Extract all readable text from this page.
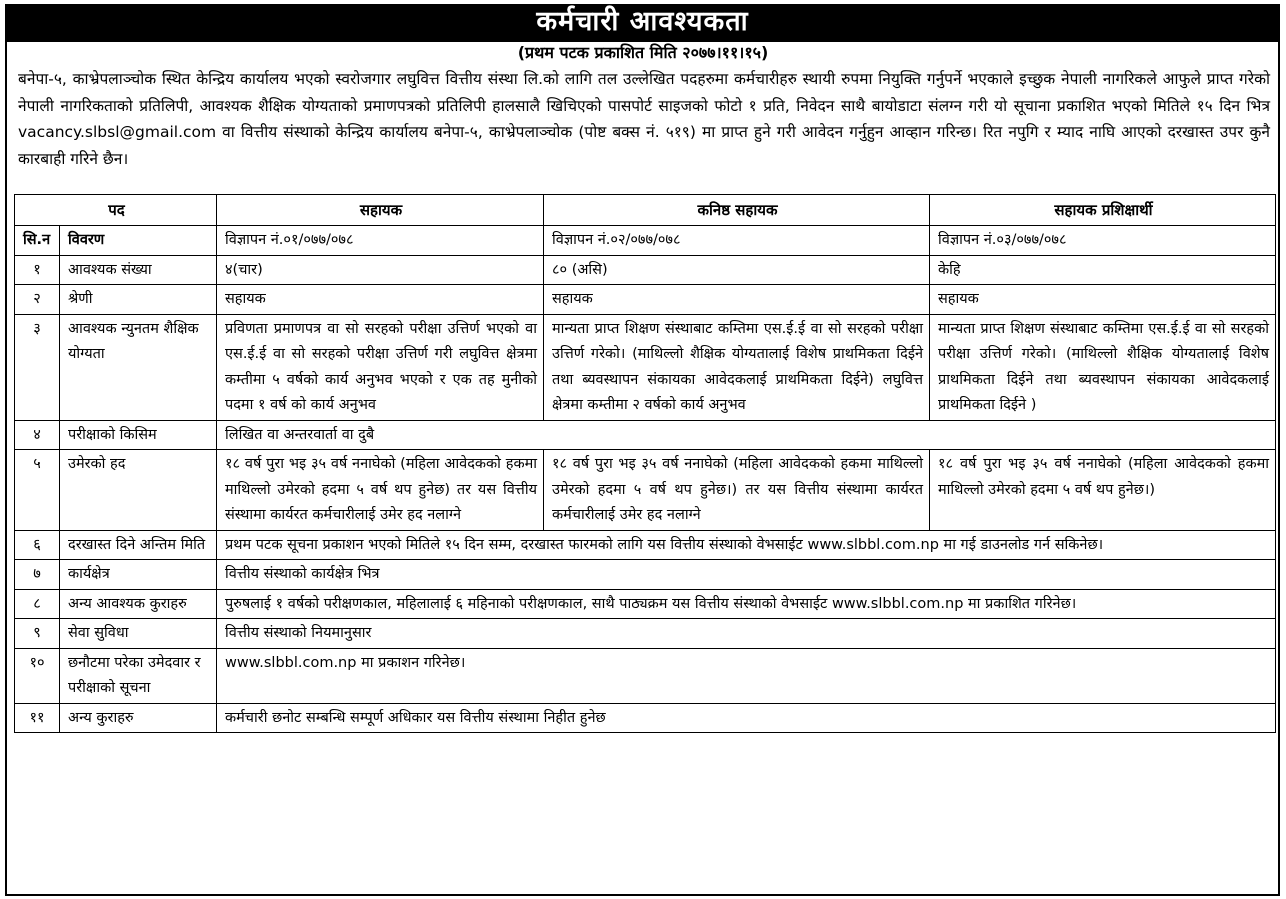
कर्मचारी आवश्यकता
(प्रथम पटक प्रकाशित मिति २०७७।११।१५)
बनेपा-५, काभ्रेपलाञ्चोक स्थित केन्द्रिय कार्यालय भएको स्वरोजगार लघुवित्त वित्तीय संस्था लि.को लागि तल उल्लेखित पदहरुमा कर्मचारीहरु स्थायी रुपमा नियुक्ति गर्नुपर्ने भएकाले इच्छुक नेपाली नागरिकले आफुले प्राप्त गरेको नेपाली नागरिकताको प्रतिलिपी, आवश्यक शैक्षिक योग्यताको प्रमाणपत्रको प्रतिलिपी हालसालै खिचिएको पासपोर्ट साइजको फोटो १ प्रति, निवेदन साथै बायोडाटा संलग्न गरी यो सूचाना प्रकाशित भएको मितिले १५ दिन भित्र vacancy.slbsl@gmail.com वा वित्तीय संस्थाको केन्द्रिय कार्यालय बनेपा-५, काभ्रेपलाञ्चोक (पोष्ट बक्स नं. ५१९) मा प्राप्त हुने गरी आवेदन गर्नुहुन आव्हान गरिन्छ। रित नपुगि र म्याद नाघि आएको दरखास्त उपर कुनै कारबाही गरिने छैन।
पद		सहायक	कनिष्ठ सहायक	सहायक प्रशिक्षार्थी
सि.न	विवरण	विज्ञापन नं.०१/०७७/०७८	विज्ञापन नं.०२/०७७/०७८	विज्ञापन नं.०३/०७७/०७८
१	आवश्यक संख्या	४(चार)	८० (असि)	केहि
२	श्रेणी	सहायक	सहायक	सहायक
३	आवश्यक न्युनतम शैक्षिक योग्यता	प्रविणता प्रमाणपत्र वा सो सरहको परीक्षा उत्तिर्ण भएको वा एस.ई.ई वा सो सरहको परीक्षा उत्तिर्ण गरी लघुवित्त क्षेत्रमा कम्तीमा ५ वर्षको कार्य अनुभव भएको र एक तह मुनीको पदमा १ वर्ष को कार्य अनुभव	मान्यता प्राप्त शिक्षण संस्थाबाट कम्तिमा एस.ई.ई वा सो सरहको परीक्षा उत्तिर्ण गरेको। (माथिल्लो शैक्षिक योग्यतालाई विशेष प्राथमिकता दिईने तथा ब्यवस्थापन संकायका आवेदकलाई प्राथमिकता दिईने) लघुवित्त क्षेत्रमा कम्तीमा २ वर्षको कार्य अनुभव	मान्यता प्राप्त शिक्षण संस्थाबाट कम्तिमा एस.ई.ई वा सो सरहको परीक्षा उत्तिर्ण गरेको। (माथिल्लो शैक्षिक योग्यतालाई विशेष प्राथमिकता दिईने तथा ब्यवस्थापन संकायका आवेदकलाई प्राथमिकता दिईने )
४	परीक्षाको किसिम	लिखित वा अन्तरवार्ता वा दुबै		
५	उमेरको हद	१८ वर्ष पुरा भइ ३५ वर्ष ननाघेको (महिला आवेदकको हकमा माथिल्लो उमेरको हदमा ५ वर्ष थप हुनेछ) तर यस वित्तीय संस्थामा कार्यरत कर्मचारीलाई उमेर हद नलाग्ने	१८ वर्ष पुरा भइ ३५ वर्ष ननाघेको (महिला आवेदकको हकमा माथिल्लो उमेरको हदमा ५ वर्ष थप हुनेछ।) तर यस वित्तीय संस्थामा कार्यरत कर्मचारीलाई उमेर हद नलाग्ने	१८ वर्ष पुरा भइ ३५ वर्ष ननाघेको (महिला आवेदकको हकमा माथिल्लो उमेरको हदमा ५ वर्ष थप हुनेछ।)
६	दरखास्त दिने अन्तिम मिति	प्रथम पटक सूचना प्रकाशन भएको मितिले १५ दिन सम्म, दरखास्त फारमको लागि यस वित्तीय संस्थाको वेभसाईट www.slbbl.com.np मा गई डाउनलोड गर्न सकिनेछ।		
७	कार्यक्षेत्र	वित्तीय संस्थाको कार्यक्षेत्र भित्र		
८	अन्य आवश्यक कुराहरु	पुरुषलाई १ वर्षको परीक्षणकाल, महिलालाई ६ महिनाको परीक्षणकाल, साथै पाठ्यक्रम यस वित्तीय संस्थाको वेभसाईट www.slbbl.com.np मा प्रकाशित गरिनेछ।		
९	सेवा सुविधा	वित्तीय संस्थाको नियमानुसार		
१०	छनौटमा परेका उमेदवार र परीक्षाको सूचना	www.slbbl.com.np मा प्रकाशन गरिनेछ।		
११	अन्य कुराहरु	कर्मचारी छनोट सम्बन्धि सम्पूर्ण अधिकार यस वित्तीय संस्थामा निहीत हुनेछ		
